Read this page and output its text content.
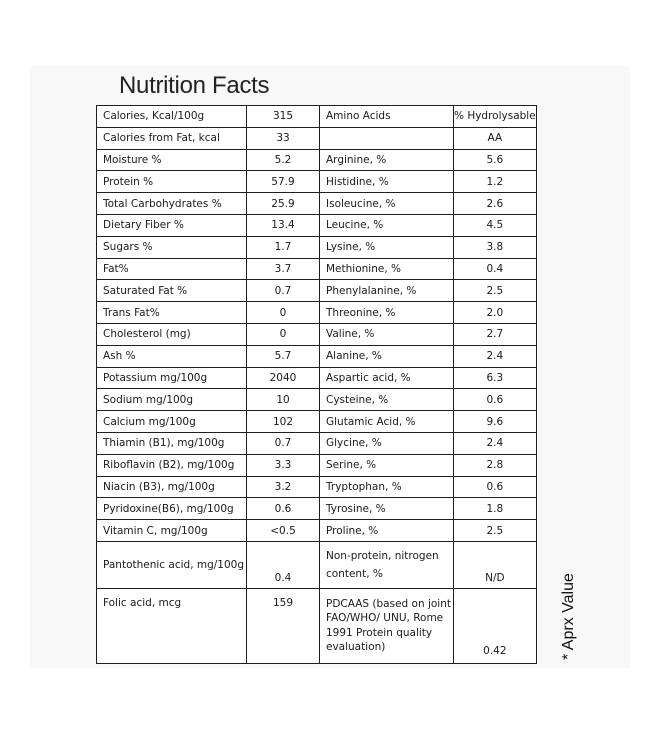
Nutrition Facts
Calories, Kcal/100g	315	Amino Acids	% Hydrolysable
Calories from Fat, kcal	33		AA
Moisture %	5.2	Arginine, %	5.6
Protein %	57.9	Histidine, %	1.2
Total Carbohydrates %	25.9	Isoleucine, %	2.6
Dietary Fiber %	13.4	Leucine, %	4.5
Sugars %	1.7	Lysine, %	3.8
Fat%	3.7	Methionine, %	0.4
Saturated Fat %	0.7	Phenylalanine, %	2.5
Trans Fat%	0	Threonine, %	2.0
Cholesterol (mg)	0	Valine, %	2.7
Ash %	5.7	Alanine, %	2.4
Potassium mg/100g	2040	Aspartic acid, %	6.3
Sodium mg/100g	10	Cysteine, %	0.6
Calcium mg/100g	102	Glutamic Acid, %	9.6
Thiamin (B1), mg/100g	0.7	Glycine, %	2.4
Riboflavin (B2), mg/100g	3.3	Serine, %	2.8
Niacin (B3), mg/100g	3.2	Tryptophan, %	0.6
Pyridoxine(B6), mg/100g	0.6	Tyrosine, %	1.8
Vitamin C, mg/100g	<0.5	Proline, %	2.5
Pantothenic acid, mg/100g	0.4	Non-protein, nitrogen content, %	N/D
Folic acid, mcg	159	PDCAAS (based on joint FAO/WHO/ UNU, Rome 1991 Protein quality evaluation)	0.42	* Aprx Value
